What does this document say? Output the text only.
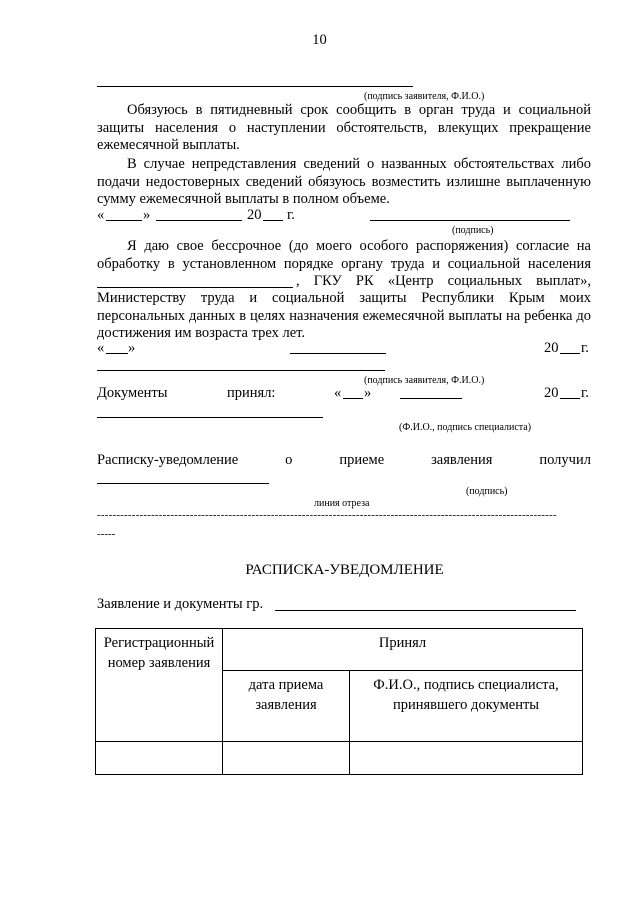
10
(подпись заявителя, Ф.И.О.)
Обязуюсь в пятидневный срок сообщить в орган труда и социальной защиты населения о наступлении обстоятельств, влекущих прекращение ежемесячной выплаты.
В случае непредставления сведений о названных обстоятельствах либо подачи недостоверных сведений обязуюсь возместить излишне выплаченную сумму ежемесячной выплаты в полном объеме.
«	»	20 г.
(подпись)
Я даю свое бессрочное (до моего особого распоряжения) согласие на
обработку в установленном порядке органу труда и социальной населения
, ГКУ РК «Центр социальных выплат»,
Министерству труда и социальной защиты Республики Крым моих персональных данных в целях назначения ежемесячной выплаты на ребенка до достижения им возраста трех лет.
« »	20 г.
(подпись заявителя, Ф.И.О.)
Документы	принял:	« »	20 г.
(Ф.И.О., подпись специалиста)
Расписку-уведомление	о	приеме	заявления	получил
(подпись)
линия отреза
-----------------------------------------------------------------------------------------------------------------------
-----
РАСПИСКА-УВЕДОМЛЕНИЕ
Заявление и документы гр.
Регистрационный номер заявления	Принял	
	дата приема заявления	Ф.И.О., подпись специалиста, принявшего документы
